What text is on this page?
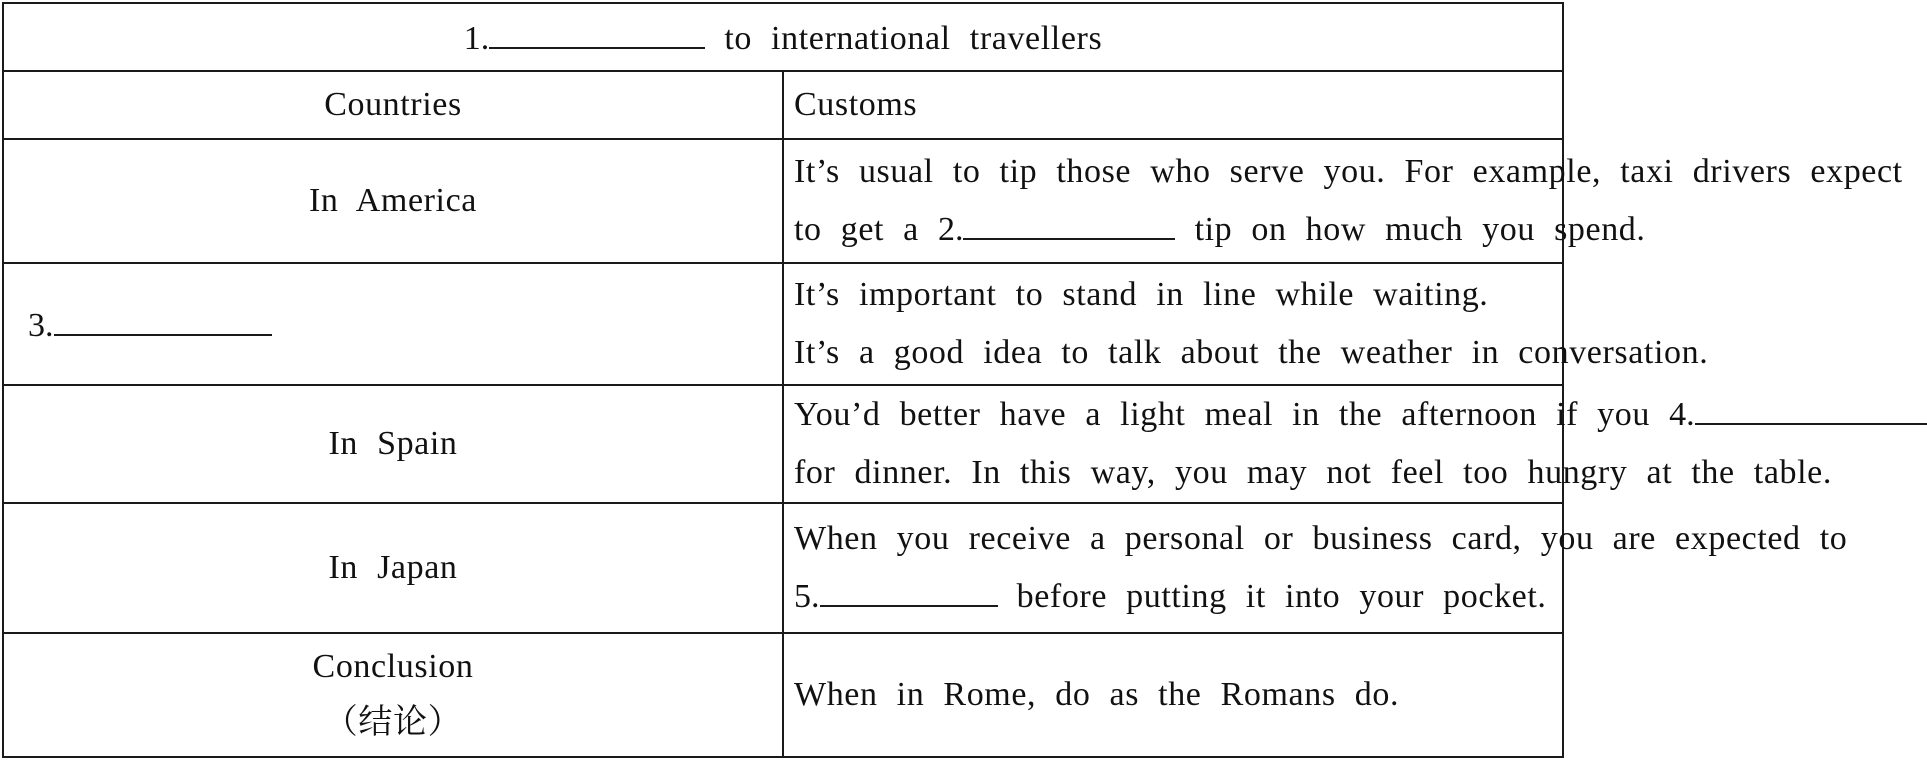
1. to international travellers	
Countries	Customs
In America	It’s usual to tip those who serve you. For example, taxi drivers expect
to get a 2. tip on how much you spend.

3.	It’s important to stand in line while waiting.
It’s a good idea to talk about the weather in conversation.

In Spain	You’d better have a light meal in the afternoon if you 4.
for dinner. In this way, you may not feel too hungry at the table.

In Japan	When you receive a personal or business card, you are expected to
5. before putting it into your pocket.

Conclusion
（结论）	When in Rome, do as the Romans do.
